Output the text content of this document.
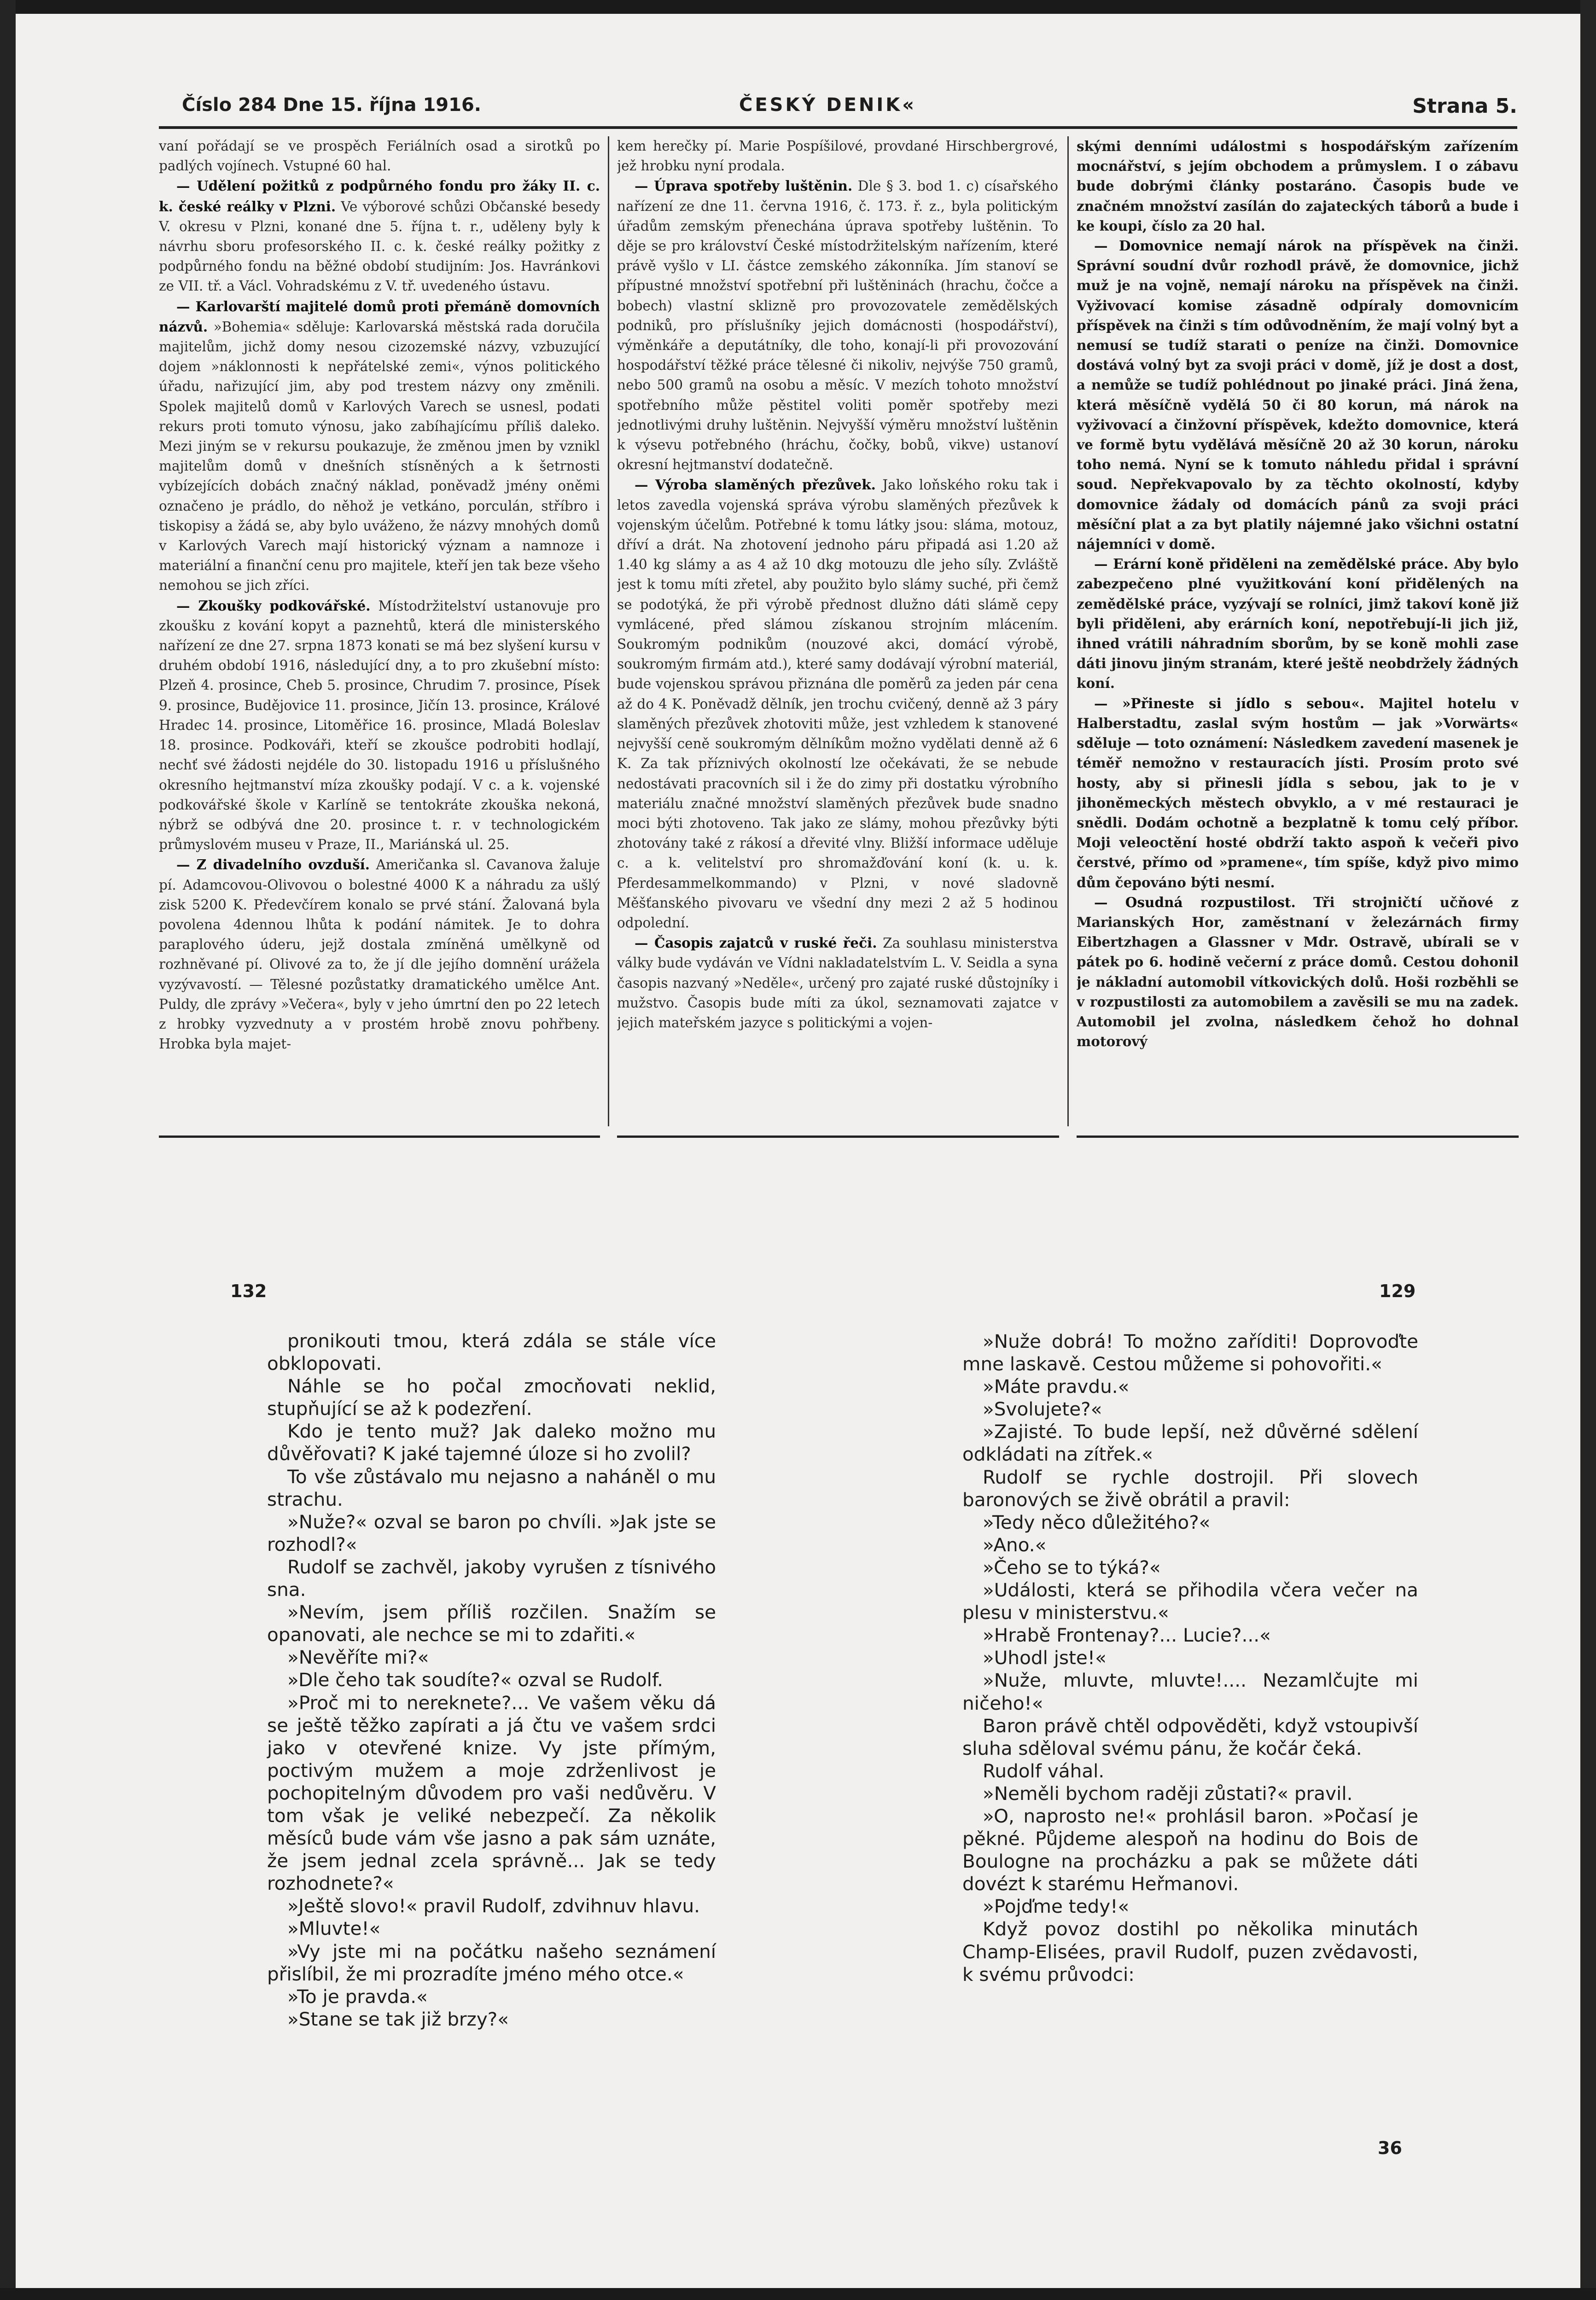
Číslo 284 Dne 15. října 1916.	ČESKÝ DENIK«	Strana 5.

vaní pořádají se ve prospěch Feriálních osad a sirotků po padlých vojínech. Vstupné 60 hal.

— Udělení požitků z podpůrného fondu pro žáky II. c. k. české reálky v Plzni. Ve výborové schůzi Občanské besedy V. okresu v Plzni, konané dne 5. října t. r., uděleny byly k návrhu sboru profesorského II. c. k. české reálky požitky z podpůrného fondu na běžné období studijním: Jos. Havránkovi ze VII. tř. a Václ. Vohradskému z V. tř. uvedeného ústavu.

— Karlovarští majitelé domů proti přemáně domovních názvů. »Bohemia« sděluje: Karlovarská městská rada doručila majitelům, jichž domy nesou cizozemské názvy, vzbuzující dojem »náklonnosti k nepřátelské zemi«, výnos politického úřadu, nařizující jim, aby pod trestem názvy ony změnili. Spolek majitelů domů v Karlových Varech se usnesl, podati rekurs proti tomuto výnosu, jako zabíhajícímu příliš daleko. Mezi jiným se v rekursu poukazuje, že změnou jmen by vznikl majitelům domů v dnešních stísněných a k šetrnosti vybízejících dobách značný náklad, poněvadž jmény oněmi označeno je prádlo, do něhož je vetkáno, porculán, stříbro i tiskopisy a žádá se, aby bylo uváženo, že názvy mnohých domů v Karlových Varech mají historický význam a namnoze i materiální a finanční cenu pro majitele, kteří jen tak beze všeho nemohou se jich zříci.

— Zkoušky podkovářské. Místodržitelství ustanovuje pro zkoušku z kování kopyt a paznehtů, která dle ministerského nařízení ze dne 27. srpna 1873 konati se má bez slyšení kursu v druhém období 1916, následující dny, a to pro zkušební místo: Plzeň 4. prosince, Cheb 5. prosince, Chrudim 7. prosince, Písek 9. prosince, Budějovice 11. prosince, Jičín 13. prosince, Králové Hradec 14. prosince, Litoměřice 16. prosince, Mladá Boleslav 18. prosince. Podkováři, kteří se zkoušce podrobiti hodlají, nechť své žádosti nejdéle do 30. listopadu 1916 u příslušného okresního hejtmanství míza zkoušky podají. V c. a k. vojenské podkovářské škole v Karlíně se tentokráte zkouška nekoná, nýbrž se odbývá dne 20. prosince t. r. v technologickém průmyslovém museu v Praze, II., Mariánská ul. 25.

— Z divadelního ovzduší. Američanka sl. Cavanova žaluje pí. Adamcovou-Olivovou o bolestné 4000 K a náhradu za ušlý zisk 5200 K. Předevčírem konalo se prvé stání. Žalovaná byla povolena 4dennou lhůta k podání námitek. Je to dohra paraplového úderu, jejž dostala zmíněná umělkyně od rozhněvané pí. Olivové za to, že jí dle jejího domnění urážela vyzývavostí. — Tělesné pozůstatky dramatického umělce Ant. Puldy, dle zprávy »Večera«, byly v jeho úmrtní den po 22 letech z hrobky vyzvednuty a v prostém hrobě znovu pohřbeny. Hrobka byla majet-

kem herečky pí. Marie Pospíšilové, provdané Hirschbergrové, jež hrobku nyní prodala.

— Úprava spotřeby luštěnin. Dle § 3. bod 1. c) císařského nařízení ze dne 11. června 1916, č. 173. ř. z., byla politickým úřadům zemským přenechána úprava spotřeby luštěnin. To děje se pro království České místodržitelským nařízením, které právě vyšlo v LI. částce zemského zákonníka. Jím stanoví se přípustné množství spotřební při luštěninách (hrachu, čočce a bobech) vlastní sklizně pro provozovatele zemědělských podniků, pro příslušníky jejich domácnosti (hospodářství), výměnkáře a deputátníky, dle toho, konají-li při provozování hospodářství těžké práce tělesné či nikoliv, nejvýše 750 gramů, nebo 500 gramů na osobu a měsíc. V mezích tohoto množství spotřebního může pěstitel voliti poměr spotřeby mezi jednotlivými druhy luštěnin. Nejvyšší výměru množství luštěnin k výsevu potřebného (hráchu, čočky, bobů, vikve) ustanoví okresní hejtmanství dodatečně.

— Výroba slaměných přezůvek. Jako loňského roku tak i letos zavedla vojenská správa výrobu slaměných přezůvek k vojenským účelům. Potřebné k tomu látky jsou: sláma, motouz, dříví a drát. Na zhotovení jednoho páru připadá asi 1.20 až 1.40 kg slámy a as 4 až 10 dkg motouzu dle jeho síly. Zvláště jest k tomu míti zřetel, aby použito bylo slámy suché, při čemž se podotýká, že při výrobě přednost dlužno dáti slámě cepy vymlácené, před slámou získanou strojním mlácením. Soukromým podnikům (nouzové akci, domácí výrobě, soukromým firmám atd.), které samy dodávají výrobní materiál, bude vojenskou správou přiznána dle poměrů za jeden pár cena až do 4 K. Poněvadž dělník, jen trochu cvičený, denně až 3 páry slaměných přezůvek zhotoviti může, jest vzhledem k stanovené nejvyšší ceně soukromým dělníkům možno vydělati denně až 6 K. Za tak příznivých okolností lze očekávati, že se nebude nedostávati pracovních sil i že do zimy při dostatku výrobního materiálu značné množství slaměných přezůvek bude snadno moci býti zhotoveno. Tak jako ze slámy, mohou přezůvky býti zhotovány také z rákosí a dřevité vlny. Bližší informace uděluje c. a k. velitelství pro shromažďování koní (k. u. k. Pferdesammelkommando) v Plzni, v nové sladovně Měšťanského pivovaru ve všední dny mezi 2 až 5 hodinou odpolední.

— Časopis zajatců v ruské řeči. Za souhlasu ministerstva války bude vydáván ve Vídni nakladatelstvím L. V. Seidla a syna časopis nazvaný »Neděle«, určený pro zajaté ruské důstojníky i mužstvo. Časopis bude míti za úkol, seznamovati zajatce v jejich mateřském jazyce s politickými a vojen-

skými denními událostmi s hospodářským zařízením mocnářství, s jejím obchodem a průmyslem. I o zábavu bude dobrými články postaráno. Časopis bude ve značném množství zasílán do zajateckých táborů a bude i ke koupi, číslo za 20 hal.

— Domovnice nemají nárok na příspěvek na činži. Správní soudní dvůr rozhodl právě, že domovnice, jichž muž je na vojně, nemají nároku na příspěvek na činži. Vyživovací komise zásadně odpíraly domovnicím příspěvek na činži s tím odůvodněním, že mají volný byt a nemusí se tudíž starati o peníze na činži. Domovnice dostává volný byt za svoji práci v domě, jíž je dost a dost, a nemůže se tudíž pohlédnout po jinaké práci. Jiná žena, která měsíčně vydělá 50 či 80 korun, má nárok na vyživovací a činžovní příspěvek, kdežto domovnice, která ve formě bytu vydělává měsíčně 20 až 30 korun, nároku toho nemá. Nyní se k tomuto náhledu přidal i správní soud. Nepřekvapovalo by za těchto okolností, kdyby domovnice žádaly od domácích pánů za svoji práci měsíční plat a za byt platily nájemné jako všichni ostatní nájemníci v domě.

— Erární koně přiděleni na zemědělské práce. Aby bylo zabezpečeno plné využitkování koní přidělených na zemědělské práce, vyzývají se rolníci, jimž takoví koně již byli přiděleni, aby erárních koní, nepotřebují-li jich již, ihned vrátili náhradním sborům, by se koně mohli zase dáti jinovu jiným stranám, které ještě neobdržely žádných koní.

— »Přineste si jídlo s sebou«. Majitel hotelu v Halberstadtu, zaslal svým hostům — jak »Vorwärts« sděluje — toto oznámení: Následkem zavedení masenek je téměř nemožno v restauracích jísti. Prosím proto své hosty, aby si přinesli jídla s sebou, jak to je v jihoněmeckých městech obvyklo, a v mé restauraci je snědli. Dodám ochotně a bezplatně k tomu celý příbor. Moji veleoctění hosté obdrží takto aspoň k večeři pivo čerstvé, přímo od »pramene«, tím spíše, když pivo mimo dům čepováno býti nesmí.

— Osudná rozpustilost. Tři strojničtí učňové z Marianských Hor, zaměstnaní v železárnách firmy Eibertzhagen a Glassner v Mdr. Ostravě, ubírali se v pátek po 6. hodině večerní z práce domů. Cestou dohonil je nákladní automobil vítkovických dolů. Hoši rozběhli se v rozpustilosti za automobilem a zavěsili se mu na zadek. Automobil jel zvolna, následkem čehož ho dohnal motorový

132	129

pronikouti tmou, která zdála se stále více obklopovati.

Náhle se ho počal zmocňovati neklid, stupňující se až k podezření.

Kdo je tento muž? Jak daleko možno mu důvěřovati? K jaké tajemné úloze si ho zvolil?

To vše zůstávalo mu nejasno a naháněl o mu strachu.

»Nuže?« ozval se baron po chvíli. »Jak jste se rozhodl?«

Rudolf se zachvěl, jakoby vyrušen z tísnivého sna.

»Nevím, jsem příliš rozčilen. Snažím se opanovati, ale nechce se mi to zdařiti.«

»Nevěříte mi?«

»Dle čeho tak soudíte?« ozval se Rudolf.

»Proč mi to nereknete?... Ve vašem věku dá se ještě těžko zapírati a já čtu ve vašem srdci jako v otevřené knize. Vy jste přímým, poctivým mužem a moje zdrženlivost je pochopitelným důvodem pro vaši nedůvěru. V tom však je veliké nebezpečí. Za několik měsíců bude vám vše jasno a pak sám uznáte, že jsem jednal zcela správně... Jak se tedy rozhodnete?«

»Ještě slovo!« pravil Rudolf, zdvihnuv hlavu.

»Mluvte!«

»Vy jste mi na počátku našeho seznámení přislíbil, že mi prozradíte jméno mého otce.«

»To je pravda.«

»Stane se tak již brzy?«

»Nuže dobrá! To možno zaříditi! Doprovoďte mne laskavě. Cestou můžeme si pohovořiti.«

»Máte pravdu.«

»Svolujete?«

»Zajisté. To bude lepší, než důvěrné sdělení odkládati na zítřek.«

Rudolf se rychle dostrojil. Při slovech baronových se živě obrátil a pravil:

»Tedy něco důležitého?«

»Ano.«

»Čeho se to týká?«

»Události, která se přihodila včera večer na plesu v ministerstvu.«

»Hrabě Frontenay?... Lucie?...«

»Uhodl jste!«

»Nuže, mluvte, mluvte!.... Nezamlčujte mi ničeho!«

Baron právě chtěl odpověděti, když vstoupivší sluha sděloval svému pánu, že kočár čeká.

Rudolf váhal.

»Neměli bychom raději zůstati?« pravil.

»O, naprosto ne!« prohlásil baron. »Počasí je pěkné. Půjdeme alespoň na hodinu do Bois de Boulogne na procházku a pak se můžete dáti dovézt k starému Heřmanovi.

»Pojďme tedy!«

Když povoz dostihl po několika minutách Champ-Elisées, pravil Rudolf, puzen zvědavosti, k svému průvodci:

36
